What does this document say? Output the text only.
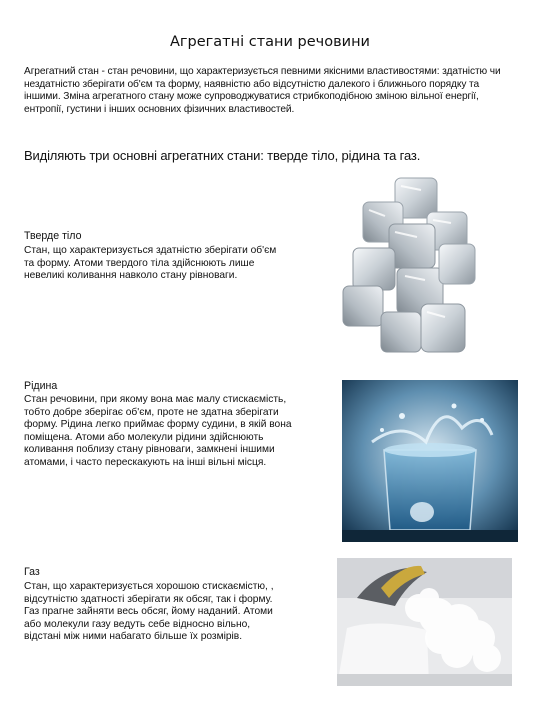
Агрегатні стани речовини
Агрегатний стан - стан речовини, що характеризується певними якісними властивостями: здатністю чи нездатністю зберігати об'єм та форму, наявністю або відсутністю далекого і ближнього порядку та іншими. Зміна агрегатного стану може супроводжуватися стрибкоподібною зміною вільної енергії, ентропії, густини і інших основних фізичних властивостей.
Виділяють три основні агрегатних стани: тверде тіло, рідина та газ.
Тверде тіло
Стан, що характеризується здатністю зберігати об'єм та форму. Атоми твердого тіла здійснюють лише невеликі коливання навколо стану рівноваги.
Рідина
Стан речовини, при якому вона має малу стискаємість, тобто добре зберігає об'єм, проте не здатна зберігати форму. Рідина легко приймає форму судини, в якій вона поміщена. Атоми або молекули рідини здійснюють коливання поблизу стану рівноваги, замкнені іншими атомами, і часто перескакують на інші вільні місця.
Газ
Стан, що характеризується хорошою стискаємістю, , відсутністю здатності зберігати як обсяг, так і форму. Газ прагне зайняти весь обсяг, йому наданий. Атоми або молекули газу ведуть себе відносно вільно, відстані між ними набагато більше їх розмірів.
